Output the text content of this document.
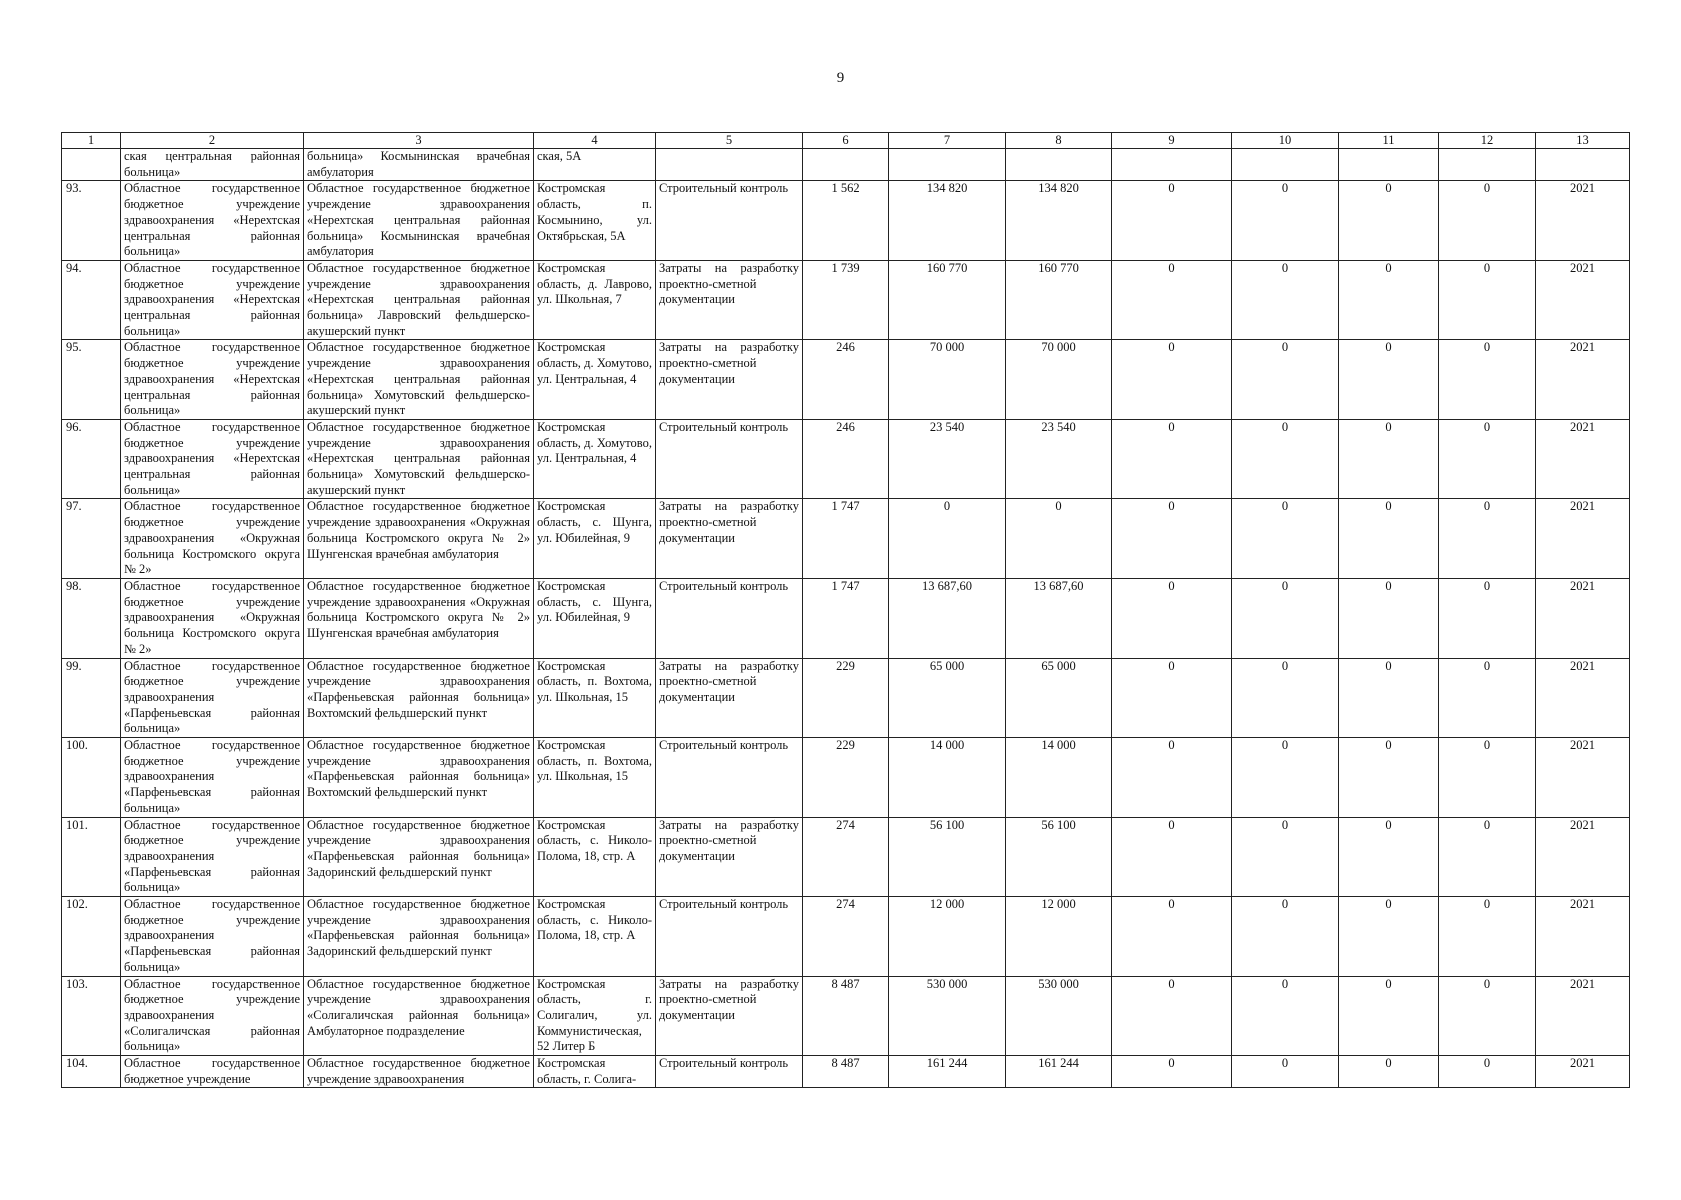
9
1	2	3	4	5	6	7	8	9	10	11	12	13
	ская центральная районная больница»	больница» Космынинская врачебная амбулатория	ская, 5А									
93.	Областное государственное бюджетное учреждение здравоохранения «Нерехтская центральная районная больница»	Областное государственное бюджетное учреждение здравоохранения «Нерехтская центральная районная больница» Космынинская врачебная амбулатория	Костромская область, п. Космынино, ул. Октябрьская, 5А	Строительный контроль	1 562	134 820	134 820	0	0	0	0	2021
94.	Областное государственное бюджетное учреждение здравоохранения «Нерехтская центральная районная больница»	Областное государственное бюджетное учреждение здравоохранения «Нерехтская центральная районная больница» Лавровский фельдшерско-акушерский пункт	Костромская область, д. Лаврово, ул. Школьная, 7	Затраты на разработку проектно-сметной документации	1 739	160 770	160 770	0	0	0	0	2021
95.	Областное государственное бюджетное учреждение здравоохранения «Нерехтская центральная районная больница»	Областное государственное бюджетное учреждение здравоохранения «Нерехтская центральная районная больница» Хомутовский фельдшерско-акушерский пункт	Костромская область, д. Хомутово, ул. Центральная, 4	Затраты на разработку проектно-сметной документации	246	70 000	70 000	0	0	0	0	2021
96.	Областное государственное бюджетное учреждение здравоохранения «Нерехтская центральная районная больница»	Областное государственное бюджетное учреждение здравоохранения «Нерехтская центральная районная больница» Хомутовский фельдшерско-акушерский пункт	Костромская область, д. Хомутово, ул. Центральная, 4	Строительный контроль	246	23 540	23 540	0	0	0	0	2021
97.	Областное государственное бюджетное учреждение здравоохранения «Окружная больница Костромского округа № 2»	Областное государственное бюджетное учреждение здравоохранения «Окружная больница Костромского округа № 2» Шунгенская врачебная амбулатория	Костромская область, с. Шунга, ул. Юбилейная, 9	Затраты на разработку проектно-сметной документации	1 747	0	0	0	0	0	0	2021
98.	Областное государственное бюджетное учреждение здравоохранения «Окружная больница Костромского округа № 2»	Областное государственное бюджетное учреждение здравоохранения «Окружная больница Костромского округа № 2» Шунгенская врачебная амбулатория	Костромская область, с. Шунга, ул. Юбилейная, 9	Строительный контроль	1 747	13 687,60	13 687,60	0	0	0	0	2021
99.	Областное государственное бюджетное учреждение здравоохранения «Парфеньевская районная больница»	Областное государственное бюджетное учреждение здравоохранения «Парфеньевская районная больница» Вохтомский фельдшерский пункт	Костромская область, п. Вохтома, ул. Школьная, 15	Затраты на разработку проектно-сметной документации	229	65 000	65 000	0	0	0	0	2021
100.	Областное государственное бюджетное учреждение здравоохранения «Парфеньевская районная больница»	Областное государственное бюджетное учреждение здравоохранения «Парфеньевская районная больница» Вохтомский фельдшерский пункт	Костромская область, п. Вохтома, ул. Школьная, 15	Строительный контроль	229	14 000	14 000	0	0	0	0	2021
101.	Областное государственное бюджетное учреждение здравоохранения «Парфеньевская районная больница»	Областное государственное бюджетное учреждение здравоохранения «Парфеньевская районная больница» Задоринский фельдшерский пункт	Костромская область, с. Николо-Полома, 18, стр. А	Затраты на разработку проектно-сметной документации	274	56 100	56 100	0	0	0	0	2021
102.	Областное государственное бюджетное учреждение здравоохранения «Парфеньевская районная больница»	Областное государственное бюджетное учреждение здравоохранения «Парфеньевская районная больница» Задоринский фельдшерский пункт	Костромская область, с. Николо-Полома, 18, стр. А	Строительный контроль	274	12 000	12 000	0	0	0	0	2021
103.	Областное государственное бюджетное учреждение здравоохранения «Солигаличская районная больница»	Областное государственное бюджетное учреждение здравоохранения «Солигаличская районная больница» Амбулаторное подразделение	Костромская область, г. Солигалич, ул. Коммунистическая, 52 Литер Б	Затраты на разработку проектно-сметной документации	8 487	530 000	530 000	0	0	0	0	2021
104.	Областное государственное бюджетное учреждение	Областное государственное бюджетное учреждение здравоохранения	Костромская область, г. Солига-	Строительный контроль	8 487	161 244	161 244	0	0	0	0	2021
